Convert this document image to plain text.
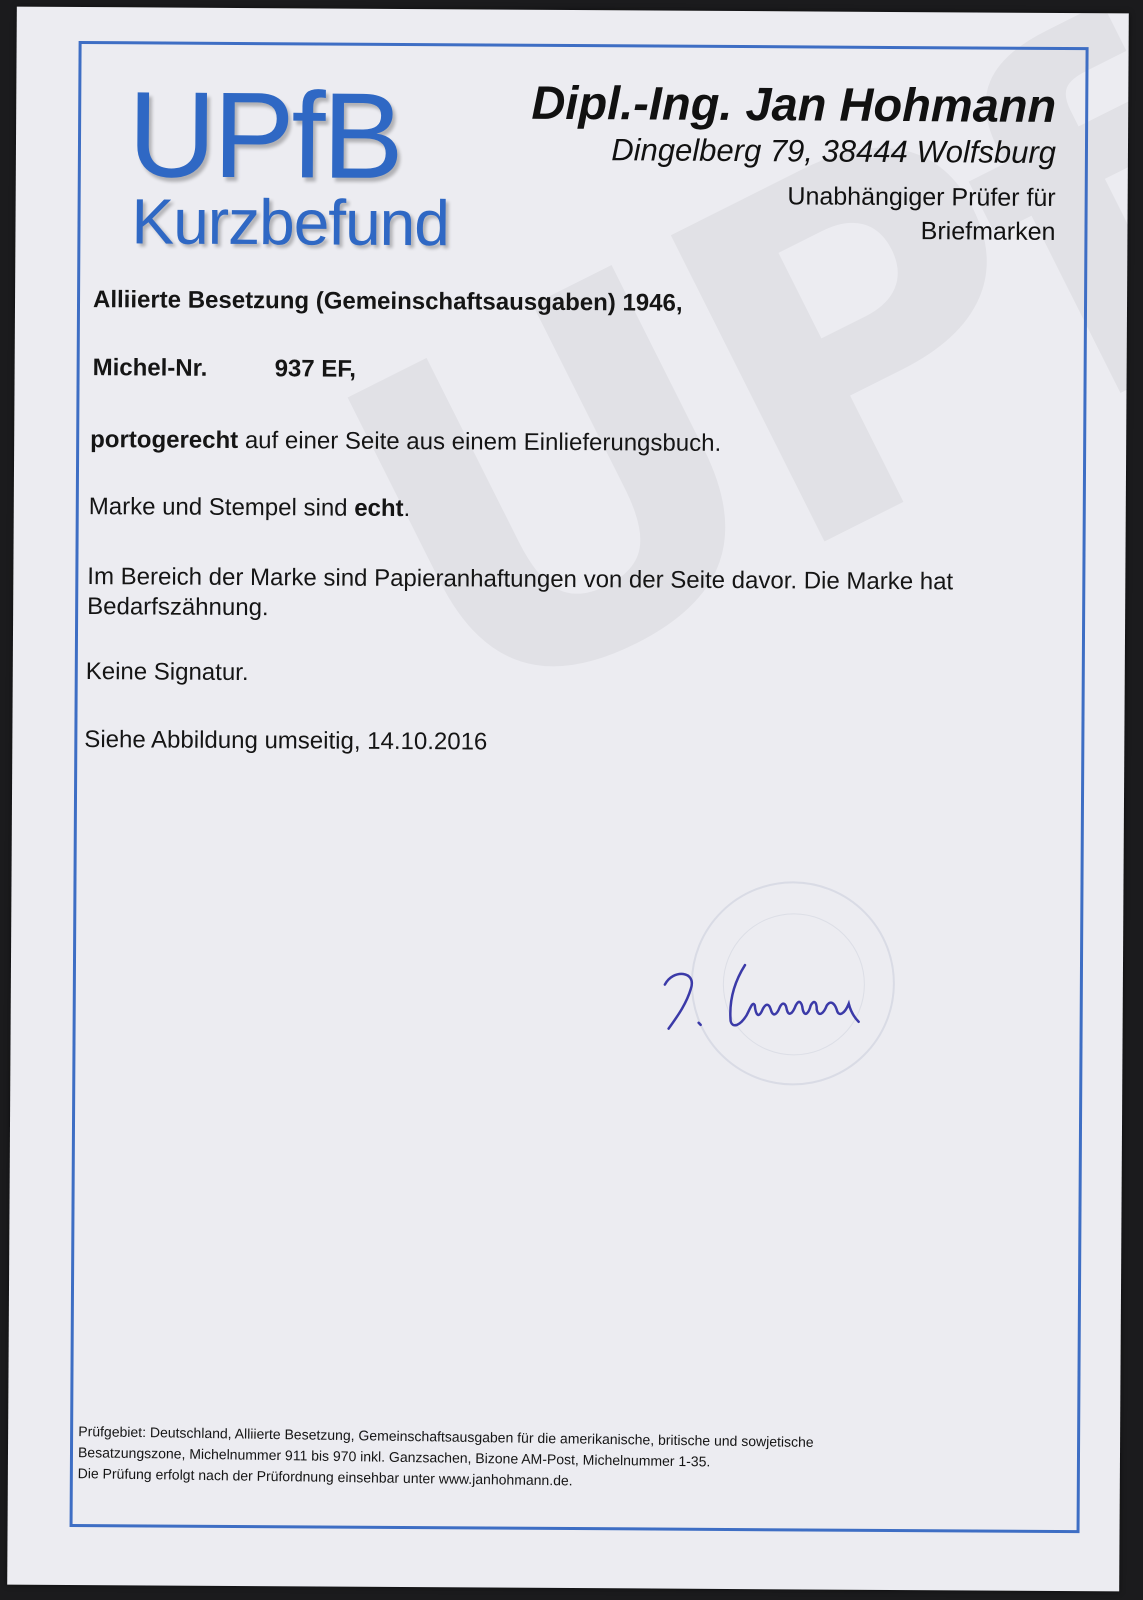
UPfB
Kurzbefund
Dipl.-Ing. Jan Hohmann
Dingelberg 79, 38444 Wolfsburg
Unabhängiger Prüfer für
Briefmarken
Alliierte Besetzung (Gemeinschaftsausgaben) 1946,
Michel-Nr.	937 EF,
portogerecht auf einer Seite aus einem Einlieferungsbuch.
Marke und Stempel sind echt.
Im Bereich der Marke sind Papieranhaftungen von der Seite davor. Die Marke hat
Bedarfszähnung.
Keine Signatur.
Siehe Abbildung umseitig, 14.10.2016
Prüfgebiet: Deutschland, Alliierte Besetzung, Gemeinschaftsausgaben für die amerikanische, britische und sowjetische
Besatzungszone, Michelnummer 911 bis 970 inkl. Ganzsachen, Bizone AM-Post, Michelnummer 1-35.
Die Prüfung erfolgt nach der Prüfordnung einsehbar unter www.janhohmann.de.
